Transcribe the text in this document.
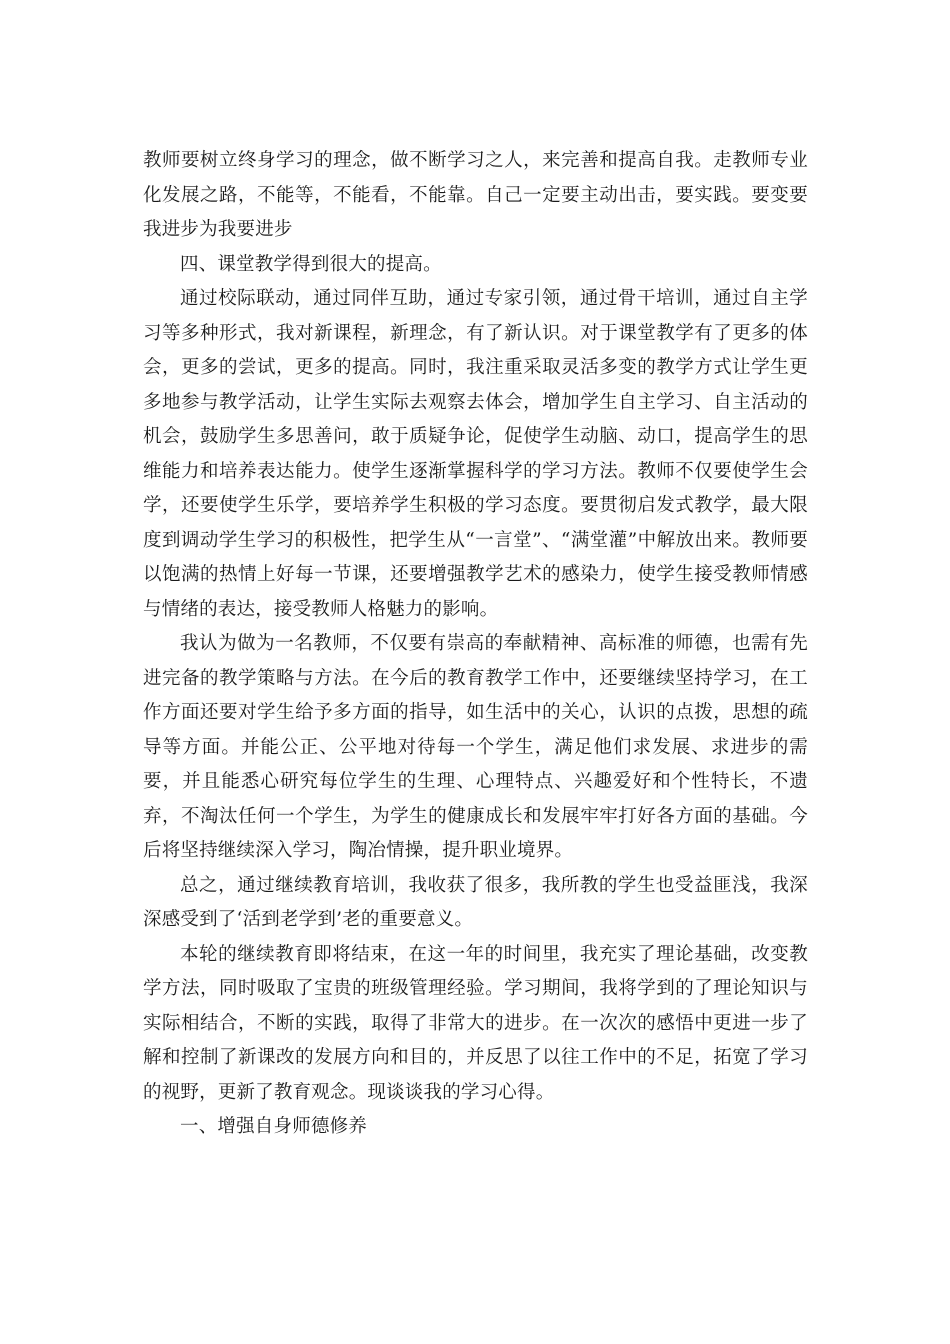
教师要树立终身学习的理念，做不断学习之人，来完善和提高自我。走教师专业化发展之路，不能等，不能看，不能靠。自己一定要主动出击，要实践。要变要我进步为我要进步

四、课堂教学得到很大的提高。

通过校际联动，通过同伴互助，通过专家引领，通过骨干培训，通过自主学习等多种形式，我对新课程，新理念，有了新认识。对于课堂教学有了更多的体会，更多的尝试，更多的提高。同时，我注重采取灵活多变的教学方式让学生更多地参与教学活动，让学生实际去观察去体会，增加学生自主学习、自主活动的机会，鼓励学生多思善问，敢于质疑争论，促使学生动脑、动口，提高学生的思维能力和培养表达能力。使学生逐渐掌握科学的学习方法。教师不仅要使学生会学，还要使学生乐学，要培养学生积极的学习态度。要贯彻启发式教学，最大限度到调动学生学习的积极性，把学生从“一言堂”、“满堂灌”中解放出来。教师要以饱满的热情上好每一节课，还要增强教学艺术的感染力，使学生接受教师情感与情绪的表达，接受教师人格魅力的影响。

我认为做为一名教师，不仅要有崇高的奉献精神、高标准的师德，也需有先进完备的教学策略与方法。在今后的教育教学工作中，还要继续坚持学习，在工作方面还要对学生给予多方面的指导，如生活中的关心，认识的点拨，思想的疏导等方面。并能公正、公平地对待每一个学生，满足他们求发展、求进步的需要，并且能悉心研究每位学生的生理、心理特点、兴趣爱好和个性特长，不遗弃，不淘汰任何一个学生，为学生的健康成长和发展牢牢打好各方面的基础。今后将坚持继续深入学习，陶冶情操，提升职业境界。

总之，通过继续教育培训，我收获了很多，我所教的学生也受益匪浅，我深深感受到了‘活到老学到’老的重要意义。

本轮的继续教育即将结束，在这一年的时间里，我充实了理论基础，改变教学方法，同时吸取了宝贵的班级管理经验。学习期间，我将学到的了理论知识与实际相结合，不断的实践，取得了非常大的进步。在一次次的感悟中更进一步了解和控制了新课改的发展方向和目的，并反思了以往工作中的不足，拓宽了学习的视野，更新了教育观念。现谈谈我的学习心得。

一、增强自身师德修养
